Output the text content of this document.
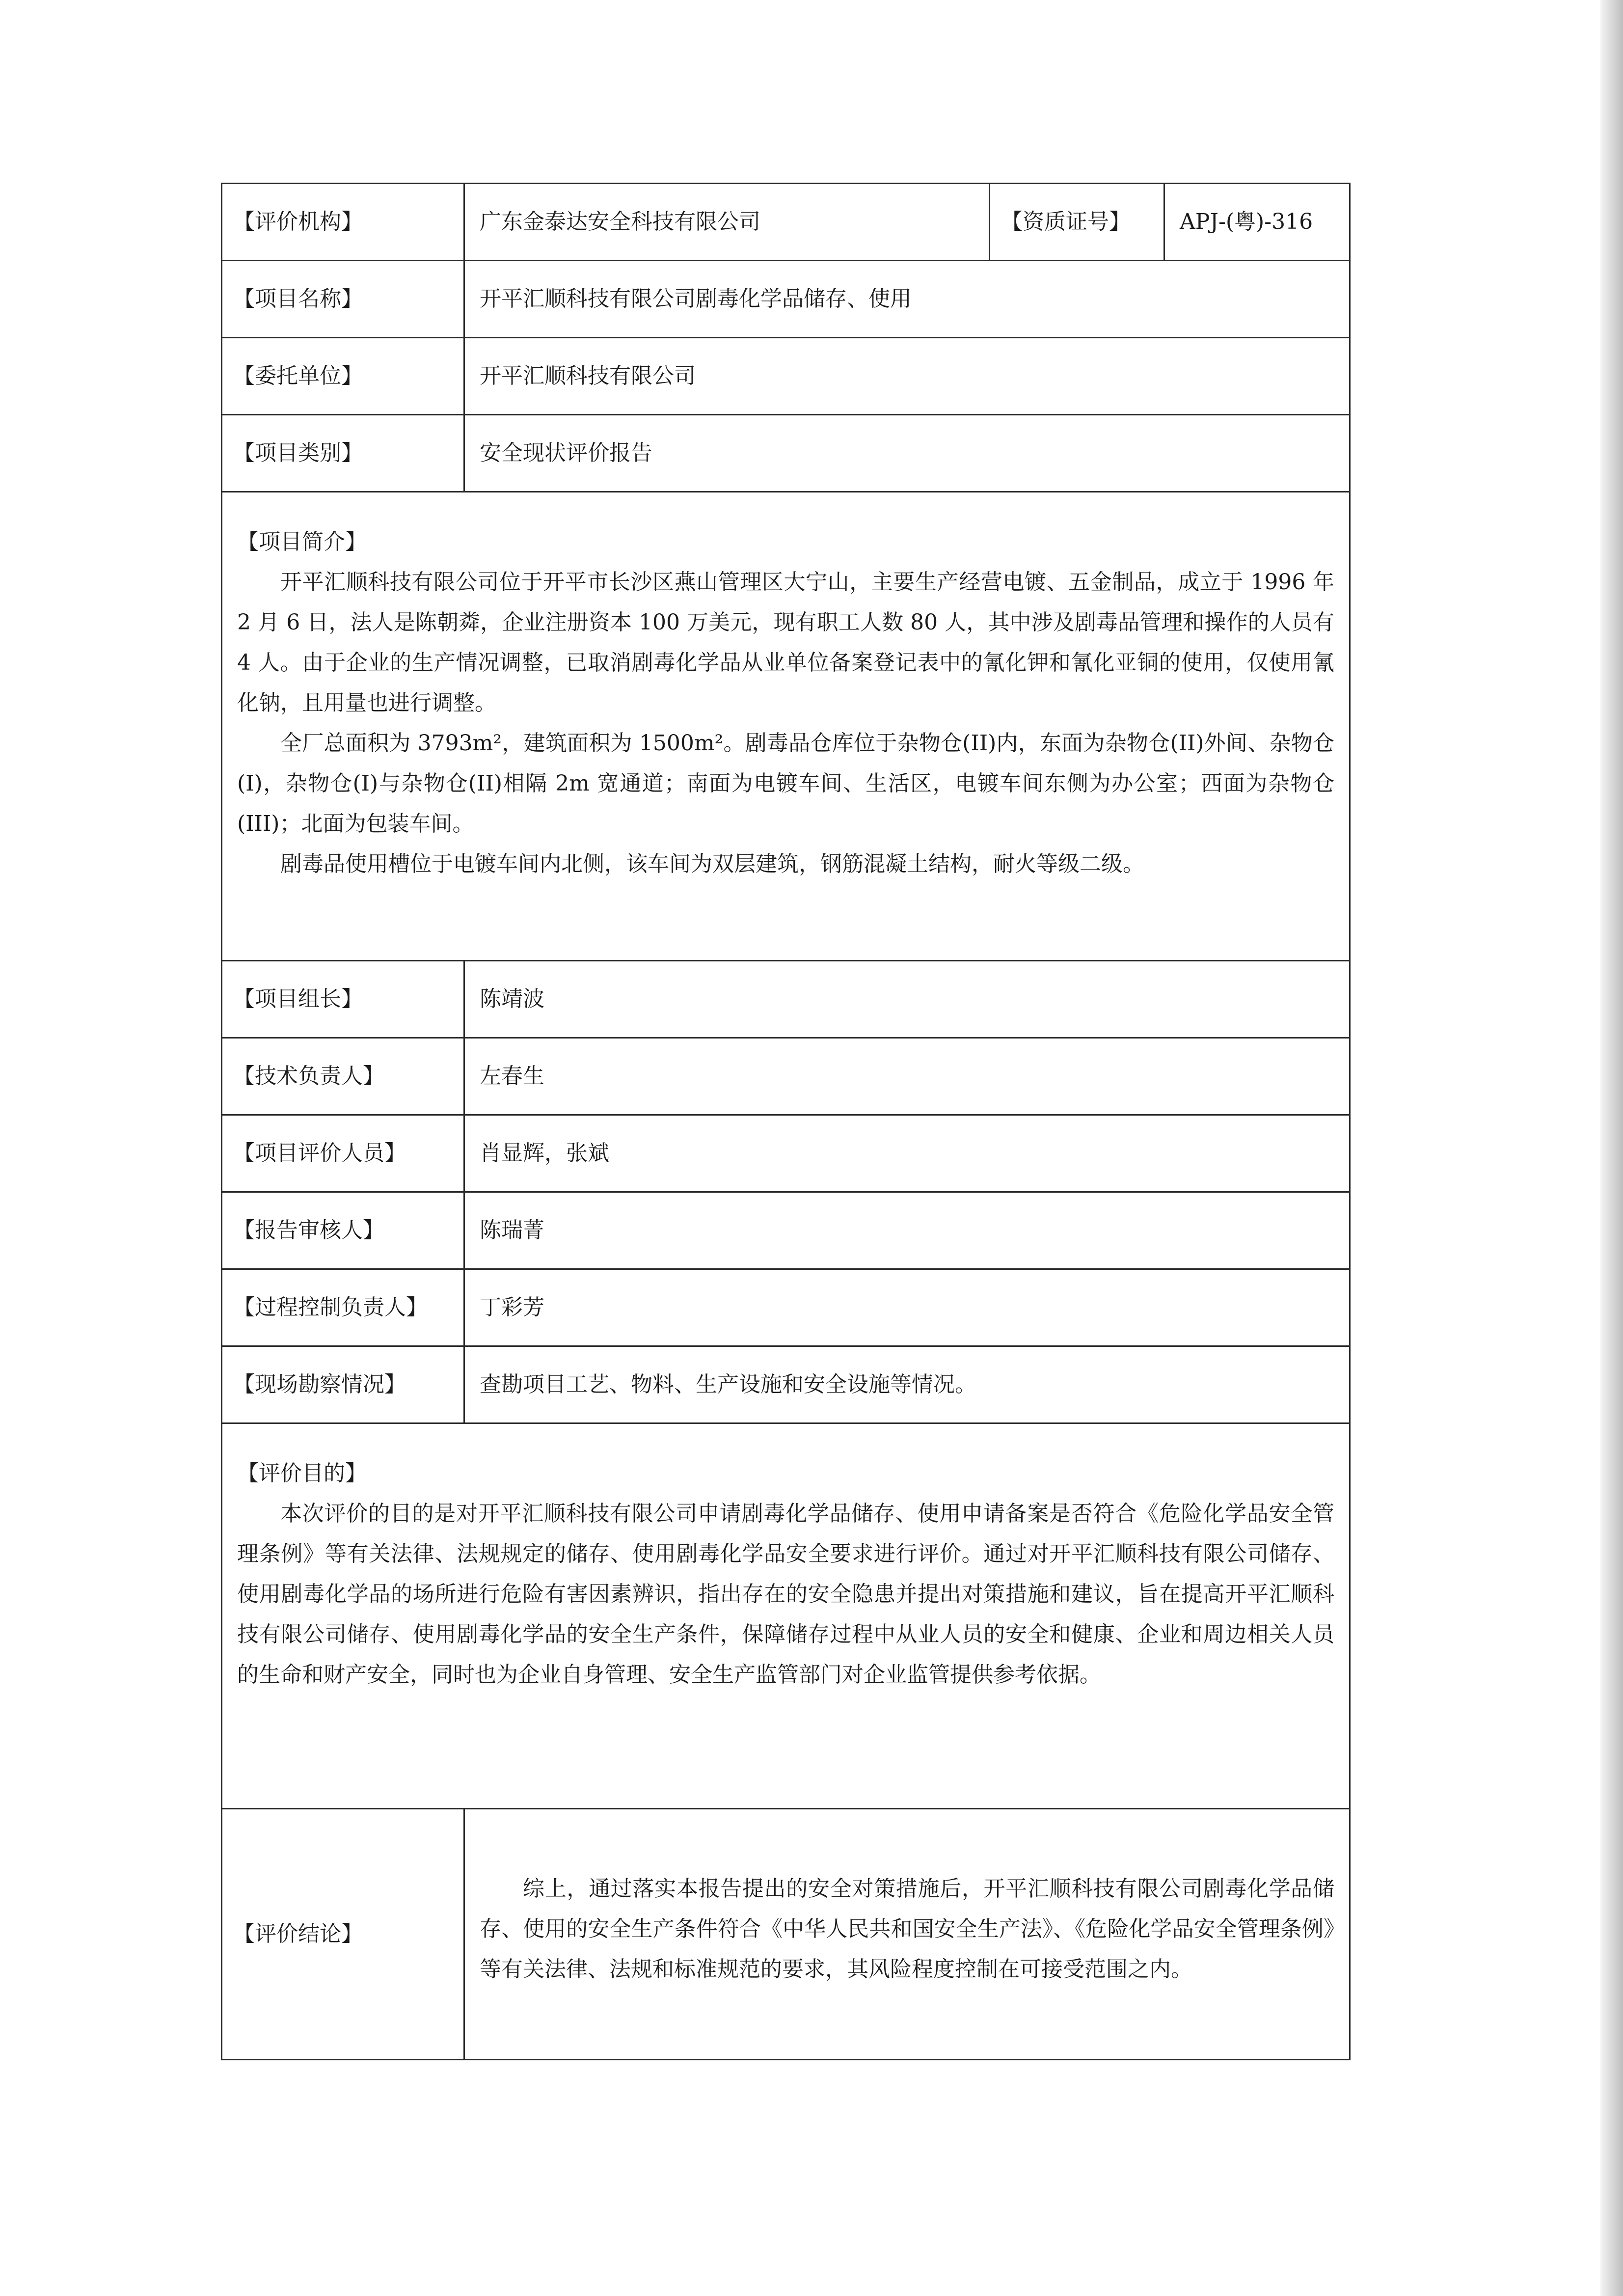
【评价机构】	广东金泰达安全科技有限公司	【资质证号】	APJ-(粤)-316
【项目名称】	开平汇顺科技有限公司剧毒化学品储存、使用		
【委托单位】	开平汇顺科技有限公司		
【项目类别】	安全现状评价报告		

【项目简介】

开平汇顺科技有限公司位于开平市长沙区燕山管理区大宁山，主要生产经营电镀、五金制品，成立于 1996 年 2 月 6 日，法人是陈朝粦，企业注册资本 100 万美元，现有职工人数 80 人，其中涉及剧毒品管理和操作的人员有 4 人。由于企业的生产情况调整，已取消剧毒化学品从业单位备案登记表中的氰化钾和氰化亚铜的使用，仅使用氰化钠，且用量也进行调整。

全厂总面积为 3793m²，建筑面积为 1500m²。剧毒品仓库位于杂物仓(II)内，东面为杂物仓(II)外间、杂物仓(I)，杂物仓(I)与杂物仓(II)相隔 2m 宽通道；南面为电镀车间、生活区，电镀车间东侧为办公室；西面为杂物仓(III)；北面为包装车间。

剧毒品使用槽位于电镀车间内北侧，该车间为双层建筑，钢筋混凝土结构，耐火等级二级。			

【项目组长】	陈靖波		
【技术负责人】	左春生		
【项目评价人员】	肖显辉，张斌		
【报告审核人】	陈瑞菁		
【过程控制负责人】	丁彩芳		
【现场勘察情况】	查勘项目工艺、物料、生产设施和安全设施等情况。		

【评价目的】

本次评价的目的是对开平汇顺科技有限公司申请剧毒化学品储存、使用申请备案是否符合《危险化学品安全管理条例》等有关法律、法规规定的储存、使用剧毒化学品安全要求进行评价。通过对开平汇顺科技有限公司储存、使用剧毒化学品的场所进行危险有害因素辨识，指出存在的安全隐患并提出对策措施和建议，旨在提高开平汇顺科技有限公司储存、使用剧毒化学品的安全生产条件，保障储存过程中从业人员的安全和健康、企业和周边相关人员的生命和财产安全，同时也为企业自身管理、安全生产监管部门对企业监管提供参考依据。			

【评价结论】	综上，通过落实本报告提出的安全对策措施后，开平汇顺科技有限公司剧毒化学品储存、使用的安全生产条件符合《中华人民共和国安全生产法》、《危险化学品安全管理条例》等有关法律、法规和标准规范的要求，其风险程度控制在可接受范围之内。		
